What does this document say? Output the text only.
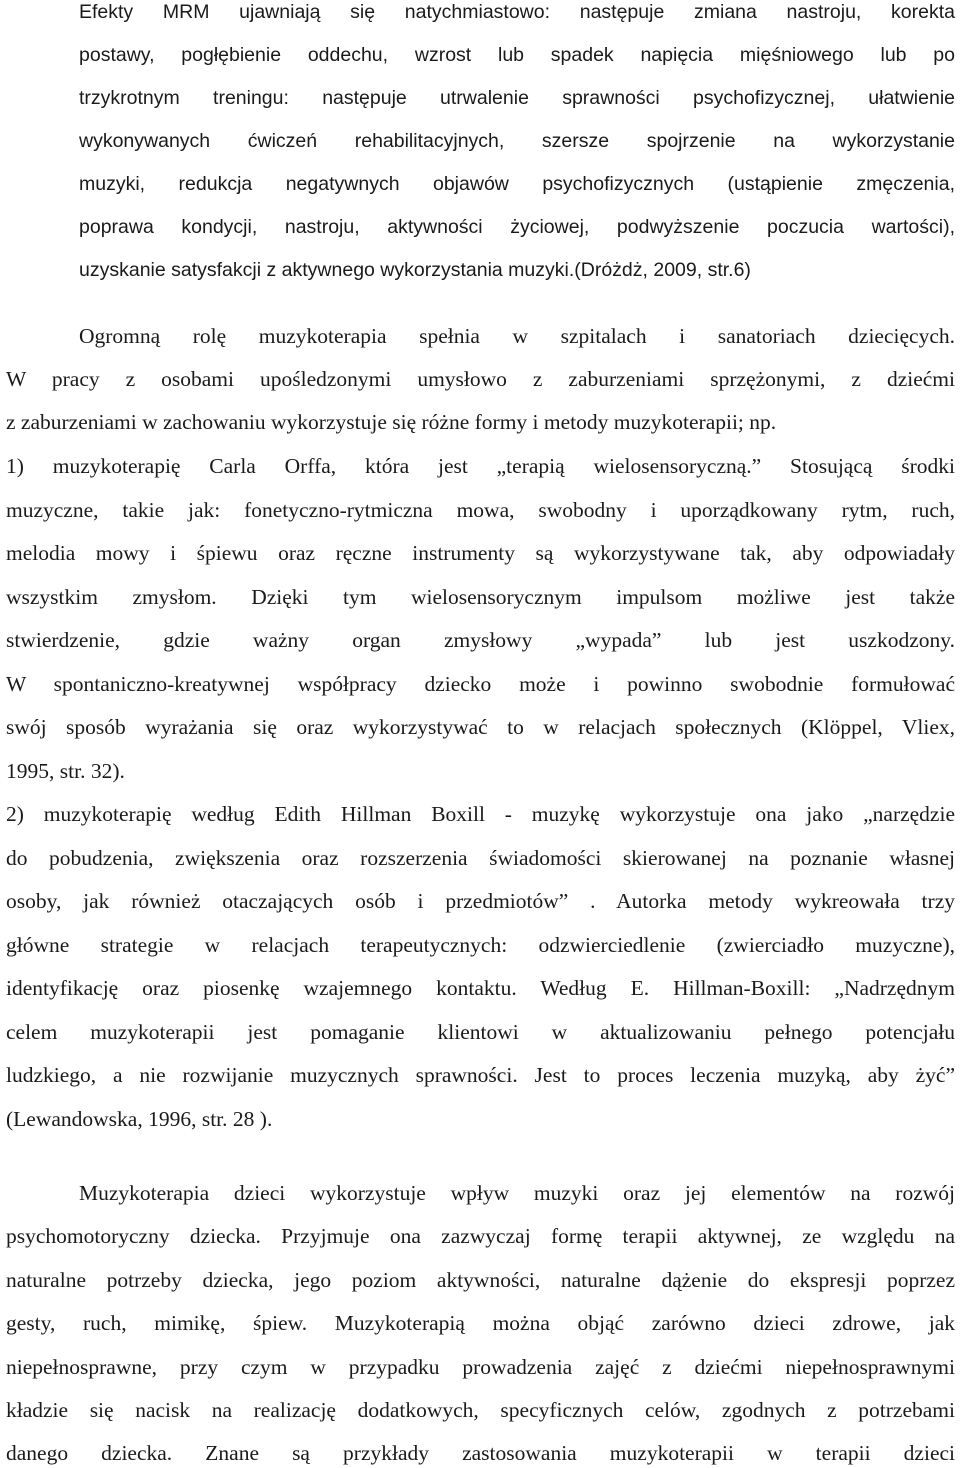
Efekty MRM ujawniają się natychmiastowo: następuje zmiana nastroju, korekta
postawy, pogłębienie oddechu, wzrost lub spadek napięcia mięśniowego lub po
trzykrotnym treningu: następuje utrwalenie sprawności psychofizycznej, ułatwienie
wykonywanych ćwiczeń rehabilitacyjnych, szersze spojrzenie na wykorzystanie
muzyki, redukcja negatywnych objawów psychofizycznych (ustąpienie zmęczenia,
poprawa kondycji, nastroju, aktywności życiowej, podwyższenie poczucia wartości),
uzyskanie satysfakcji z aktywnego wykorzystania muzyki.(Dróżdż, 2009, str.6)
Ogromną rolę muzykoterapia spełnia w szpitalach i sanatoriach dziecięcych.
W pracy z osobami upośledzonymi umysłowo z zaburzeniami sprzężonymi, z dziećmi
z zaburzeniami w zachowaniu wykorzystuje się różne formy i metody muzykoterapii; np.
1) muzykoterapię Carla Orffa, która jest „terapią wielosensoryczną.” Stosującą środki
muzyczne, takie jak: fonetyczno-rytmiczna mowa, swobodny i uporządkowany rytm, ruch,
melodia mowy i śpiewu oraz ręczne instrumenty są wykorzystywane tak, aby odpowiadały
wszystkim zmysłom. Dzięki tym wielosensorycznym impulsom możliwe jest także
stwierdzenie, gdzie ważny organ zmysłowy „wypada” lub jest uszkodzony.
W spontaniczno-kreatywnej współpracy dziecko może i powinno swobodnie formułować
swój sposób wyrażania się oraz wykorzystywać to w relacjach społecznych (Klöppel, Vliex,
1995, str. 32).
2) muzykoterapię według Edith Hillman Boxill - muzykę wykorzystuje ona jako „narzędzie
do pobudzenia, zwiększenia oraz rozszerzenia świadomości skierowanej na poznanie własnej
osoby, jak również otaczających osób i przedmiotów” . Autorka metody wykreowała trzy
główne strategie w relacjach terapeutycznych: odzwierciedlenie (zwierciadło muzyczne),
identyfikację oraz piosenkę wzajemnego kontaktu. Według E. Hillman-Boxill: „Nadrzędnym
celem muzykoterapii jest pomaganie klientowi w aktualizowaniu pełnego potencjału
ludzkiego, a nie rozwijanie muzycznych sprawności. Jest to proces leczenia muzyką, aby żyć”
(Lewandowska, 1996, str. 28 ).
Muzykoterapia dzieci wykorzystuje wpływ muzyki oraz jej elementów na rozwój
psychomotoryczny dziecka. Przyjmuje ona zazwyczaj formę terapii aktywnej, ze względu na
naturalne potrzeby dziecka, jego poziom aktywności, naturalne dążenie do ekspresji poprzez
gesty, ruch, mimikę, śpiew. Muzykoterapią można objąć zarówno dzieci zdrowe, jak
niepełnosprawne, przy czym w przypadku prowadzenia zajęć z dziećmi niepełnosprawnymi
kładzie się nacisk na realizację dodatkowych, specyficznych celów, zgodnych z potrzebami
danego dziecka. Znane są przykłady zastosowania muzykoterapii w terapii dzieci
